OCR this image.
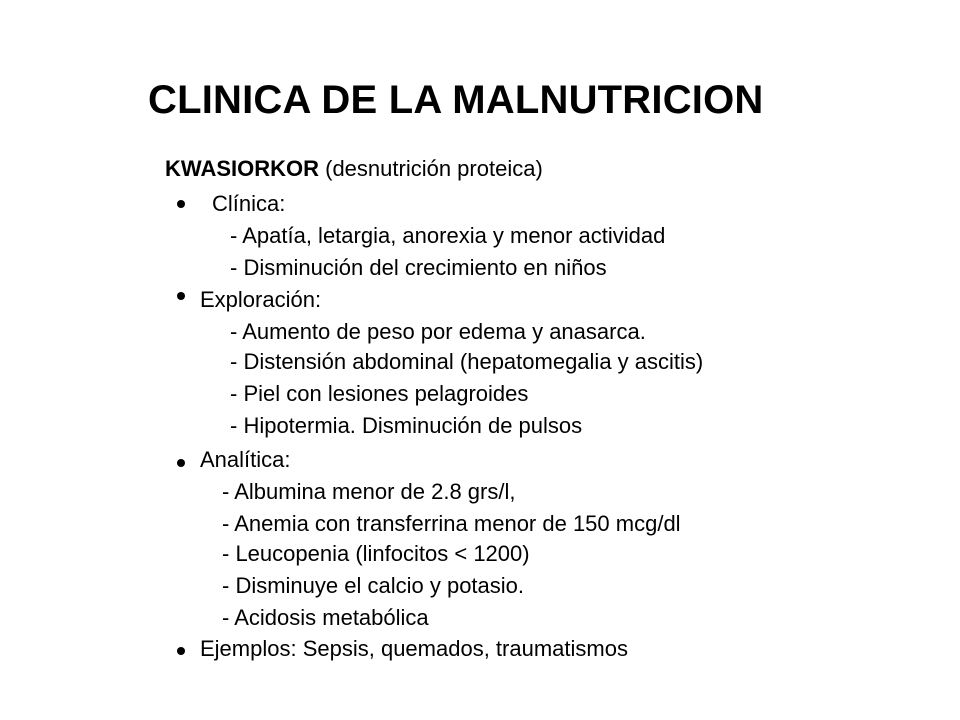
CLINICA DE LA MALNUTRICION
KWASIORKOR (desnutrición proteica)
Clínica:
- Apatía, letargia, anorexia y menor actividad
- Disminución del crecimiento en niños
Exploración:
- Aumento de peso por edema y anasarca.
- Distensión abdominal (hepatomegalia y ascitis)
- Piel con lesiones pelagroides
- Hipotermia. Disminución de pulsos
Analítica:
- Albumina menor de 2.8 grs/l,
- Anemia con transferrina menor de 150 mcg/dl
- Leucopenia (linfocitos < 1200)
- Disminuye el calcio y potasio.
- Acidosis metabólica
Ejemplos: Sepsis, quemados, traumatismos
